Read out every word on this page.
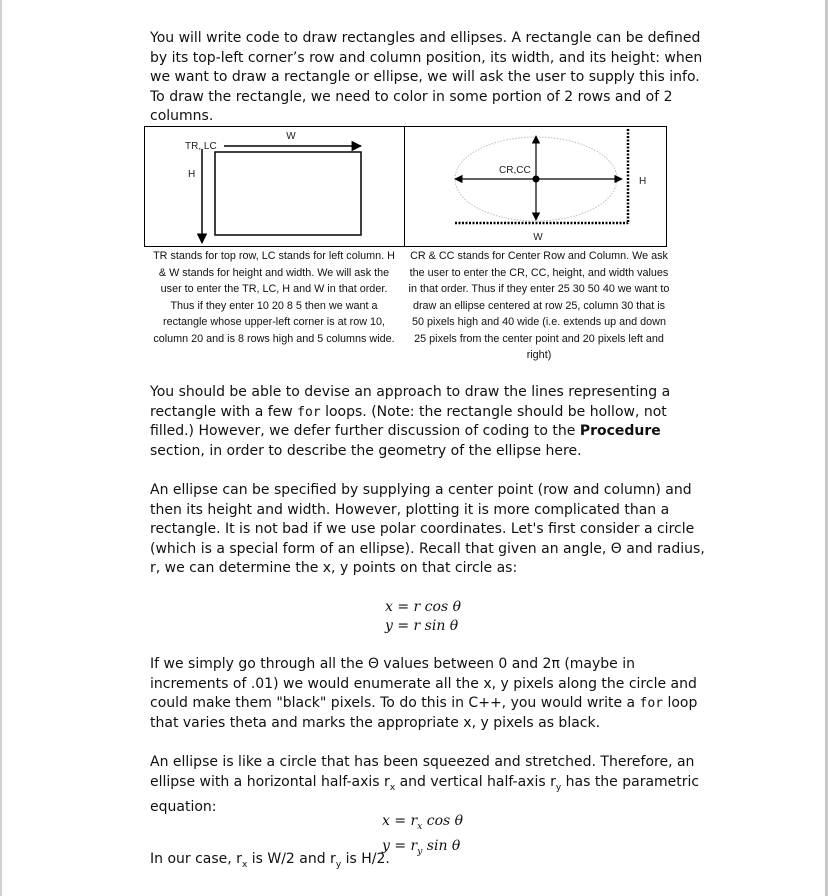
You will write code to draw rectangles and ellipses. A rectangle can be defined by its top-left corner’s row and column position, its width, and its height: when we want to draw a rectangle or ellipse, we will ask the user to supply this info. To draw the rectangle, we need to color in some portion of 2 rows and of 2 columns.

W
TR, LC
H	CR,CC
H
W

TR stands for top row, LC stands for left column. H & W stands for height and width. We will ask the user to enter the TR, LC, H and W in that order. Thus if they enter 10 20 8 5 then we want a rectangle whose upper-left corner is at row 10, column 20 and is 8 rows high and 5 columns wide.

CR & CC stands for Center Row and Column. We ask the user to enter the CR, CC, height, and width values in that order. Thus if they enter 25 30 50 40 we want to draw an ellipse centered at row 25, column 30 that is 50 pixels high and 40 wide (i.e. extends up and down 25 pixels from the center point and 20 pixels left and right)

You should be able to devise an approach to draw the lines representing a rectangle with a few for loops. (Note: the rectangle should be hollow, not filled.) However, we defer further discussion of coding to the Procedure section, in order to describe the geometry of the ellipse here.

An ellipse can be specified by supplying a center point (row and column) and then its height and width. However, plotting it is more complicated than a rectangle. It is not bad if we use polar coordinates. Let's first consider a circle (which is a special form of an ellipse). Recall that given an angle, Θ and radius, r, we can determine the x, y points on that circle as:

x = r cos θ
y = r sin θ

If we simply go through all the Θ values between 0 and 2π (maybe in increments of .01) we would enumerate all the x, y pixels along the circle and could make them "black" pixels. To do this in C++, you would write a for loop that varies theta and marks the appropriate x, y pixels as black.

An ellipse is like a circle that has been squeezed and stretched. Therefore, an ellipse with a horizontal half-axis $r_x$ and vertical half-axis $r_y$ has the parametric equation:

$x = r_x$ cos θ
$y = r_y$ sin θ

In our case, $r_x$ is W/2 and $r_y$ is H/2.
